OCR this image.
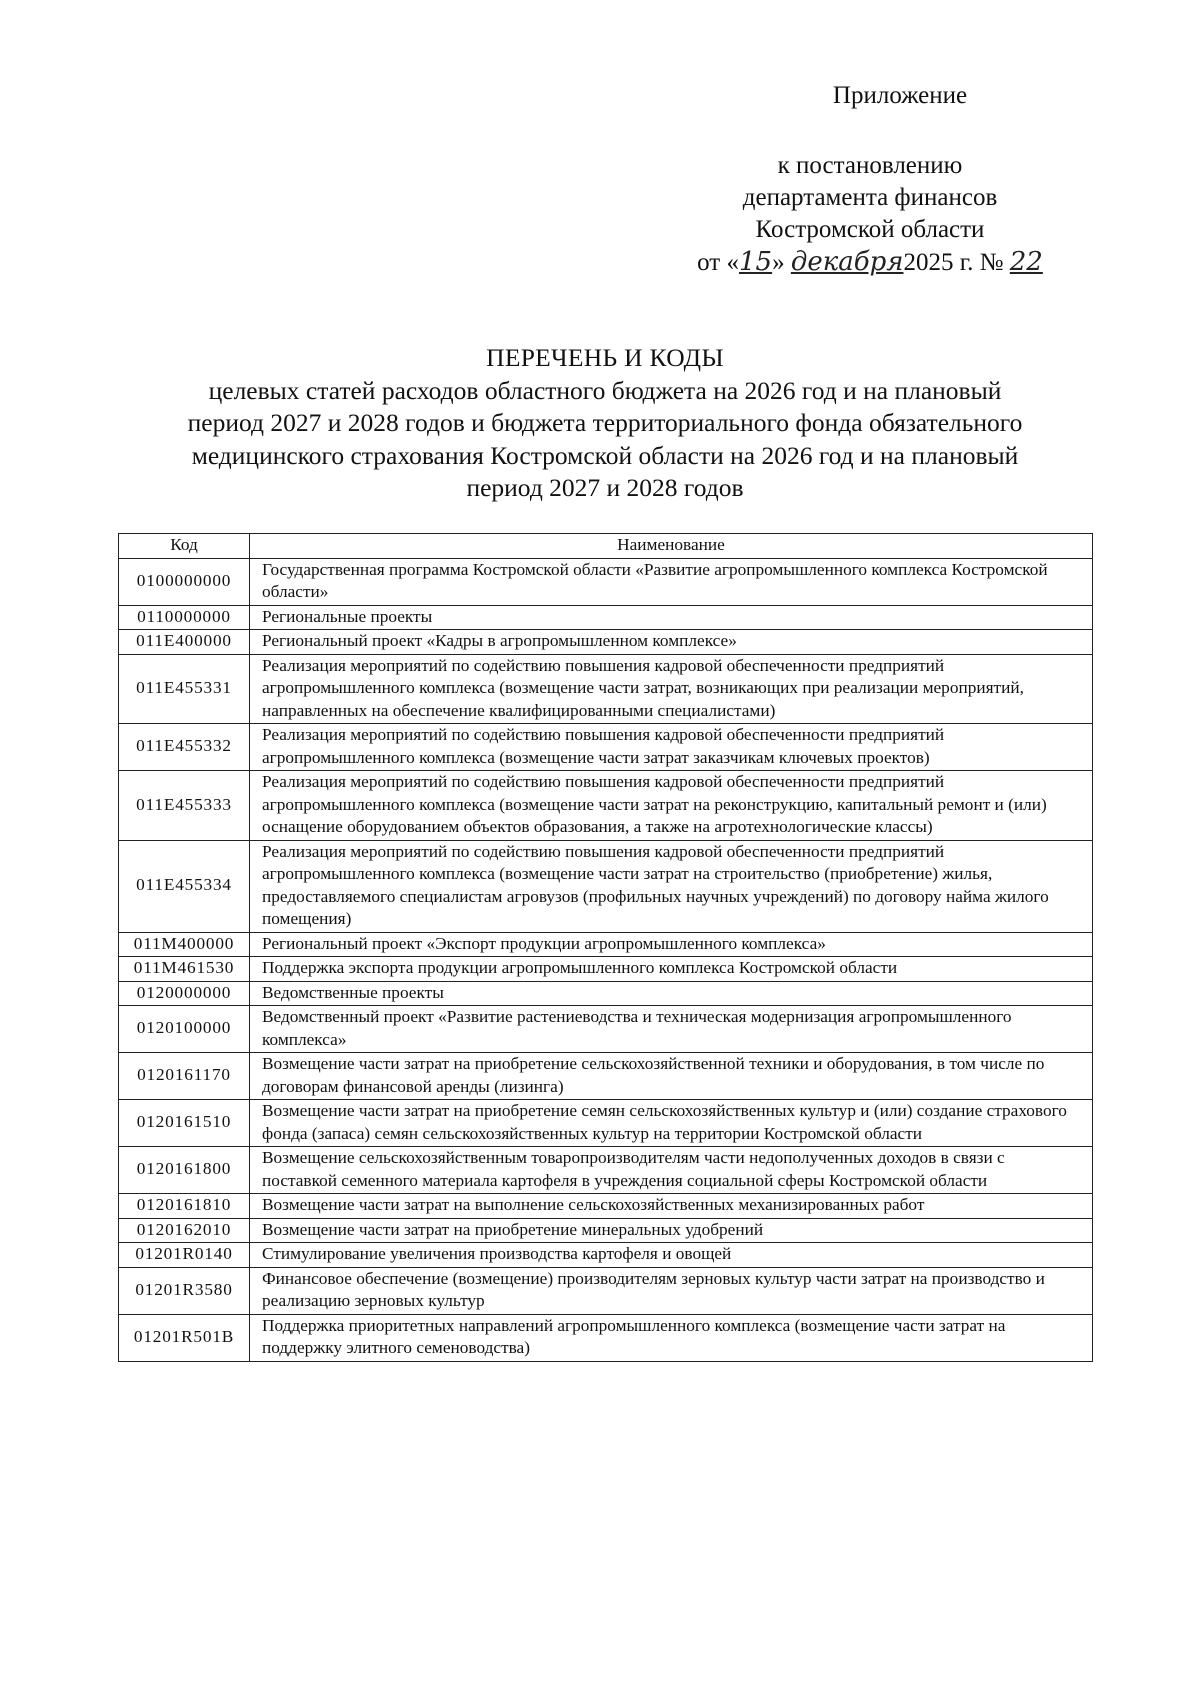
Приложение
к постановлению
департамента финансов
Костромской области
от «15» декабря2025 г. № 22
ПЕРЕЧЕНЬ И КОДЫ
целевых статей расходов областного бюджета на 2026 год и на плановый
период 2027 и 2028 годов и бюджета территориального фонда обязательного
медицинского страхования Костромской области на 2026 год и на плановый
период 2027 и 2028 годов
Код	Наименование
0100000000	Государственная программа Костромской области «Развитие агропромышленного комплекса Костромской области»
0110000000	Региональные проекты
011E400000	Региональный проект «Кадры в агропромышленном комплексе»
011E455331	Реализация мероприятий по содействию повышения кадровой обеспеченности предприятий агропромышленного комплекса (возмещение части затрат, возникающих при реализации мероприятий, направленных на обеспечение квалифицированными специалистами)
011E455332	Реализация мероприятий по содействию повышения кадровой обеспеченности предприятий агропромышленного комплекса (возмещение части затрат заказчикам ключевых проектов)
011E455333	Реализация мероприятий по содействию повышения кадровой обеспеченности предприятий агропромышленного комплекса (возмещение части затрат на реконструкцию, капитальный ремонт и (или) оснащение оборудованием объектов образования, а также на агротехнологические классы)
011E455334	Реализация мероприятий по содействию повышения кадровой обеспеченности предприятий агропромышленного комплекса (возмещение части затрат на строительство (приобретение) жилья, предоставляемого специалистам агровузов (профильных научных учреждений) по договору найма жилого помещения)
011M400000	Региональный проект «Экспорт продукции агропромышленного комплекса»
011M461530	Поддержка экспорта продукции агропромышленного комплекса Костромской области
0120000000	Ведомственные проекты
0120100000	Ведомственный проект «Развитие растениеводства и техническая модернизация агропромышленного комплекса»
0120161170	Возмещение части затрат на приобретение сельскохозяйственной техники и оборудования, в том числе по договорам финансовой аренды (лизинга)
0120161510	Возмещение части затрат на приобретение семян сельскохозяйственных культур и (или) создание страхового фонда (запаса) семян сельскохозяйственных культур на территории Костромской области
0120161800	Возмещение сельскохозяйственным товаропроизводителям части недополученных доходов в связи с поставкой семенного материала картофеля в учреждения социальной сферы Костромской области
0120161810	Возмещение части затрат на выполнение сельскохозяйственных механизированных работ
0120162010	Возмещение части затрат на приобретение минеральных удобрений
01201R0140	Стимулирование увеличения производства картофеля и овощей
01201R3580	Финансовое обеспечение (возмещение) производителям зерновых культур части затрат на производство и реализацию зерновых культур
01201R501B	Поддержка приоритетных направлений агропромышленного комплекса (возмещение части затрат на поддержку элитного семеноводства)
